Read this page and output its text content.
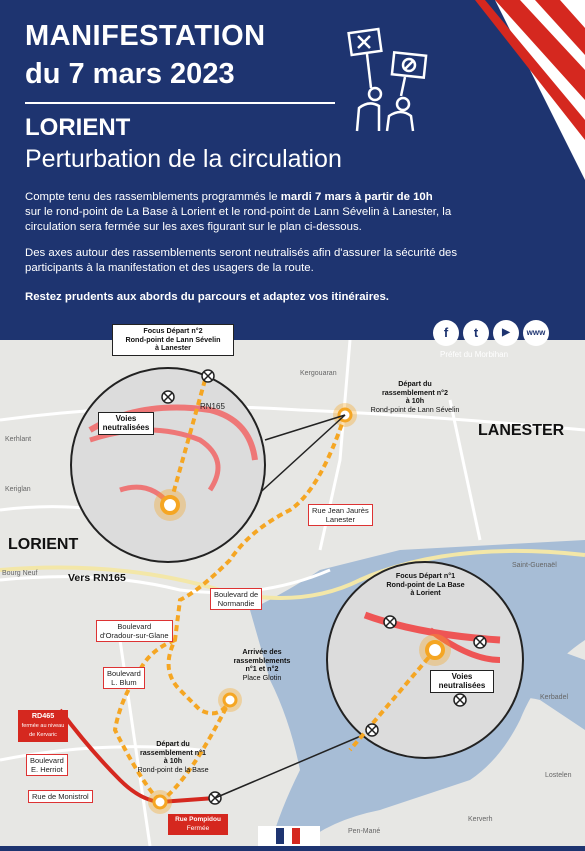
MANIFESTATION
du 7 mars 2023
LORIENT
Perturbation de la circulation
Compte tenu des rassemblements programmés le mardi 7 mars à partir de 10h
sur le rond-point de La Base à Lorient et le rond-point de Lann Sévelin à Lanester, la
circulation sera fermée sur les axes figurant sur le plan ci-dessous.
Des axes autour des rassemblements seront neutralisés afin d'assurer la sécurité des
participants à la manifestation et des usagers de la route.
Restez prudents aux abords du parcours et adaptez vos itinéraires.
Focus Départ n°2
Rond-point de Lann Sévelin
à Lanester
Voies neutralisées
RN165
Départ du
rassemblement n°2
à 10h
Rond-point de Lann Sévelin
LANESTER
LORIENT
Vers RN165
Rue Jean Jaurès
Lanester
Boulevard de
Normandie
Boulevard
d'Oradour-sur-Glane
Boulevard
L. Blum
Arrivée des
rassemblements
n°1 et n°2
Place Glotin
RD465
fermée au niveau
de Kervaric
Boulevard
E. Herriot
Rue de Monistrol
Départ du
rassemblement n°1
à 10h
Rond-point de la Base
Rue Pompidou
Fermée
Focus Départ n°1
Rond-point de La Base
à Lorient
Voies neutralisées
Kergouaran
Kerhlant
Keriglan
Bourg Neuf
Saint-Guenaël
Kerbadel
Lostelen
Pen-Mané
Kerverh
f	t	▶	www
Préfet du Morbihan
